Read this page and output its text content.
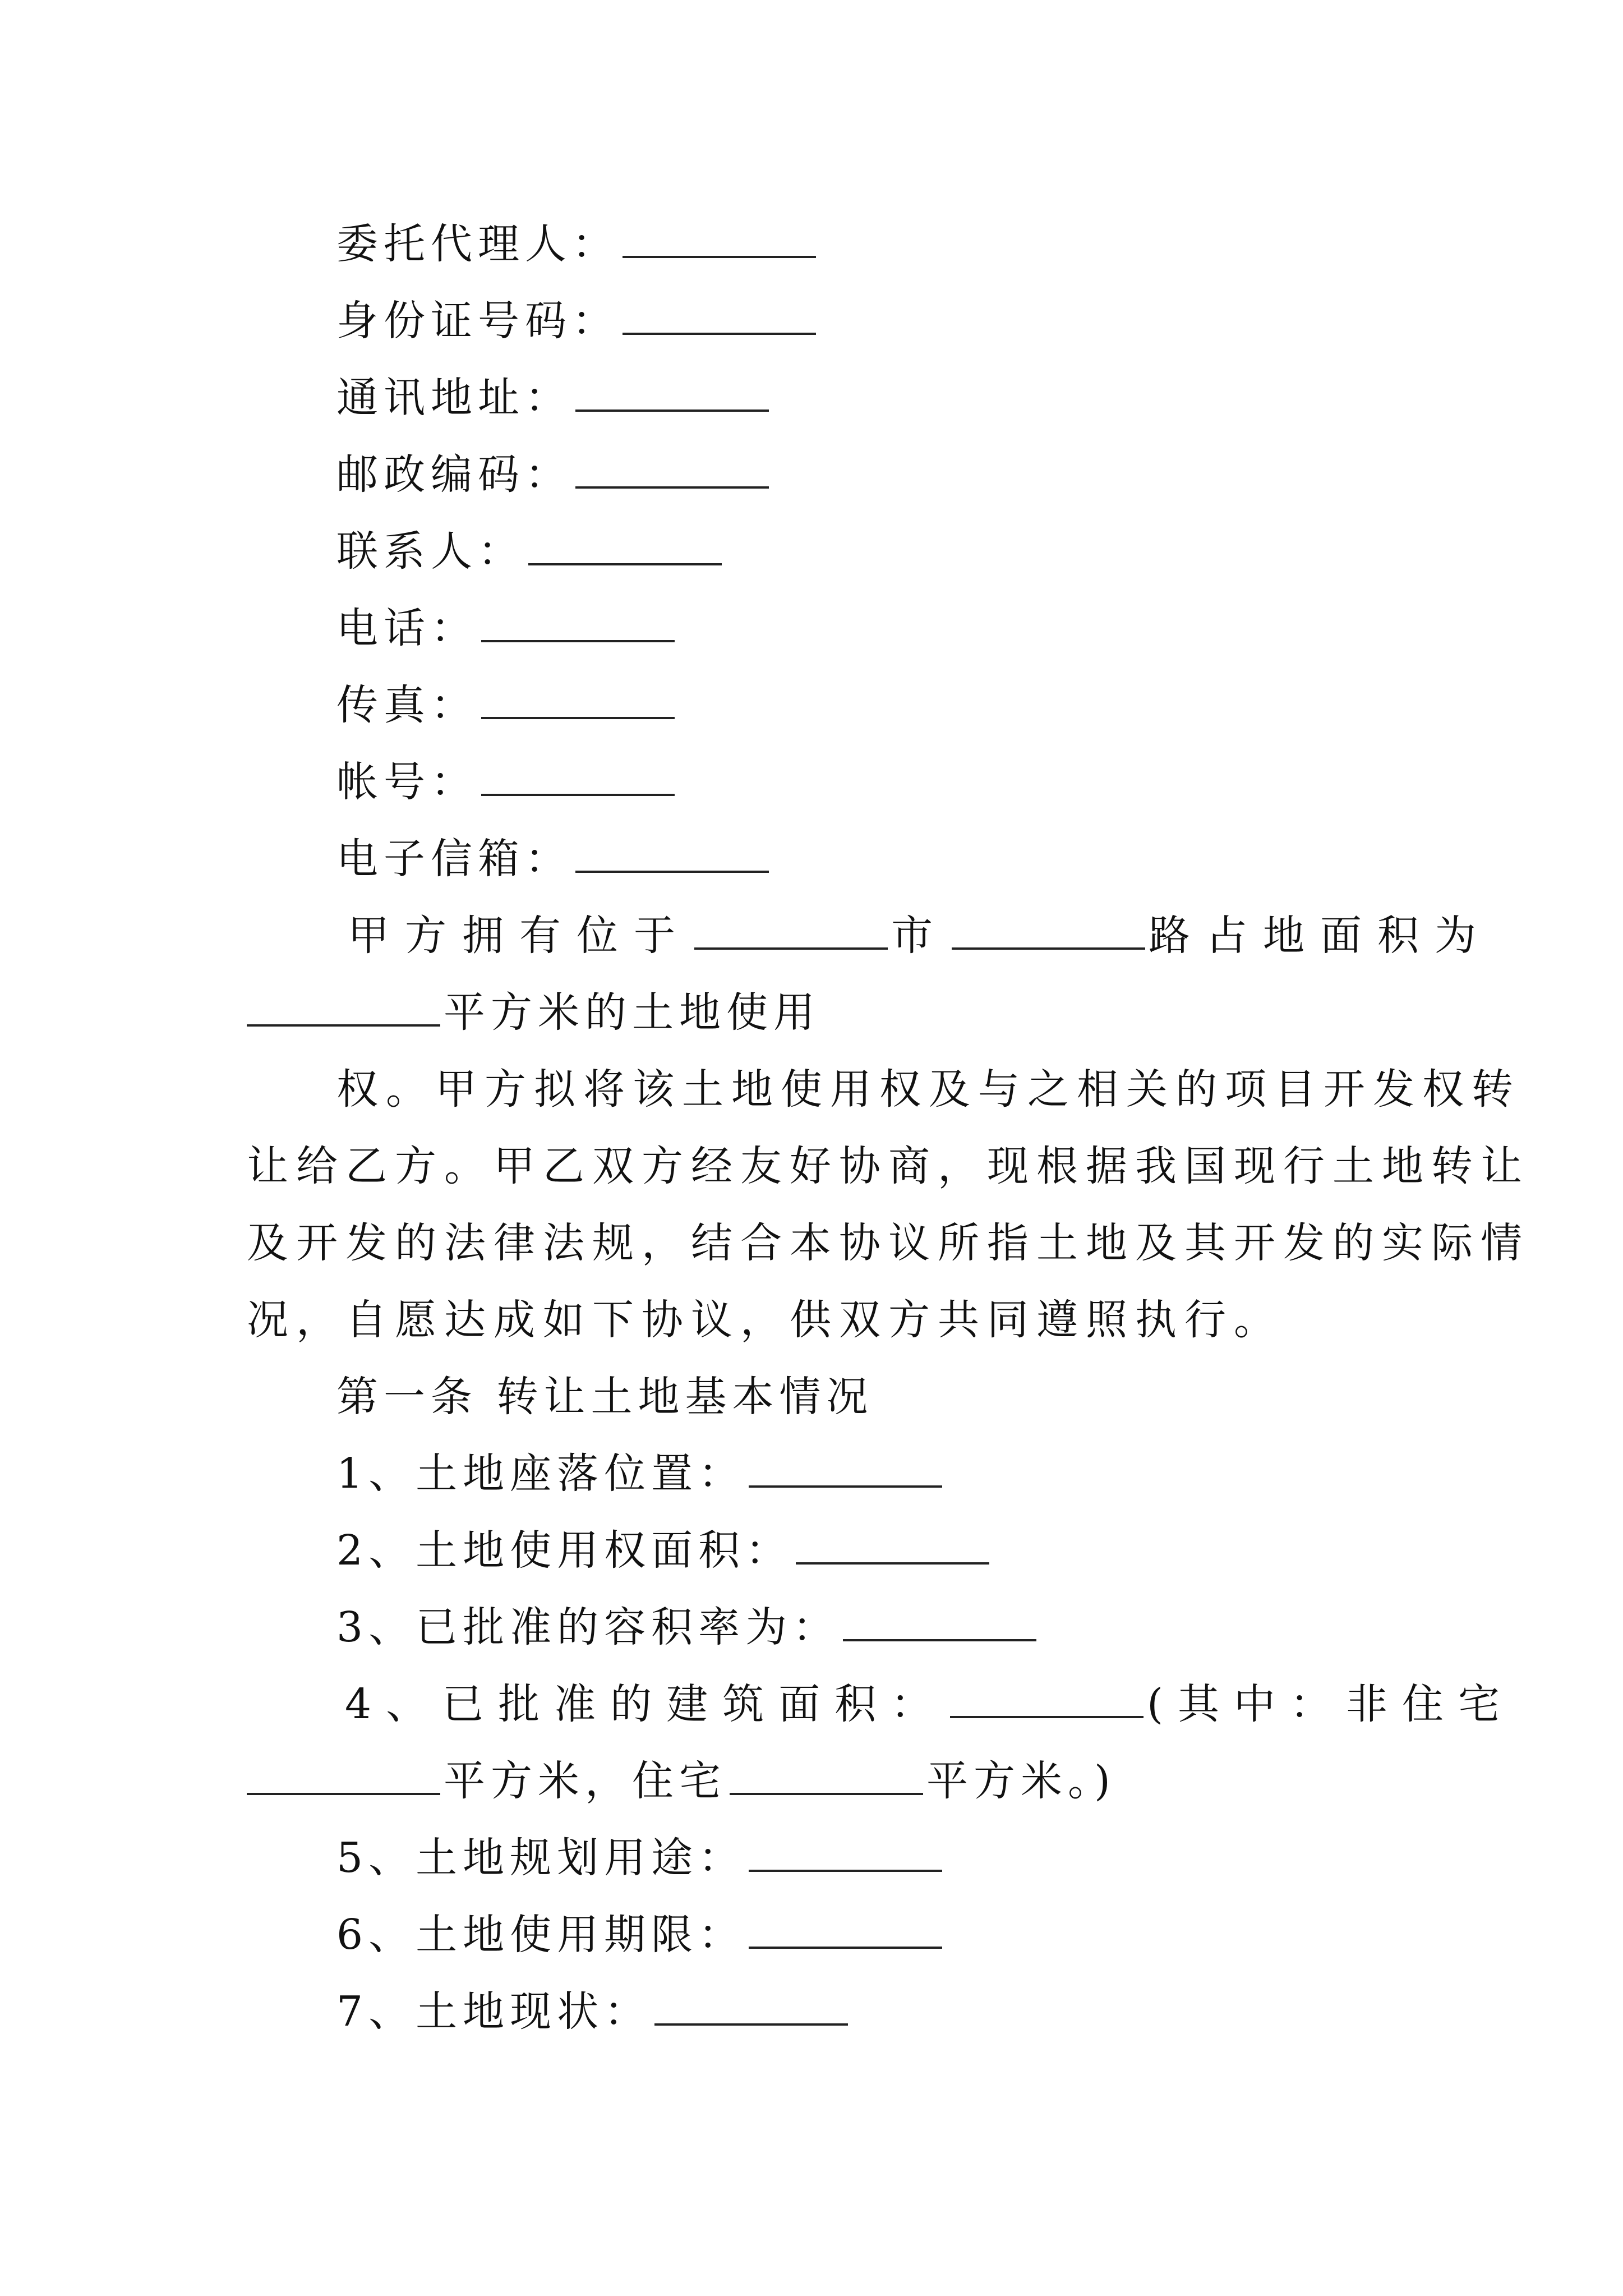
委托代理人：
身份证号码：
通讯地址：
邮政编码：
联系人：
电话：
传真：
帐号：
电子信箱：
甲方拥有位于	市	路占地面积为
平方米的土地使用
权。甲方拟将该土地使用权及与之相关的项目开发权转
让给乙方。甲乙双方经友好协商，现根据我国现行土地转让
及开发的法律法规，结合本协议所指土地及其开发的实际情
况，自愿达成如下协议，供双方共同遵照执行。
第一条 转让土地基本情况
1、土地座落位置：
2、土地使用权面积：
3、已批准的容积率为：
4、已批准的建筑面积：	(其中：非住宅
平方米，住宅	平方米。)
5、土地规划用途：
6、土地使用期限：
7、土地现状：
